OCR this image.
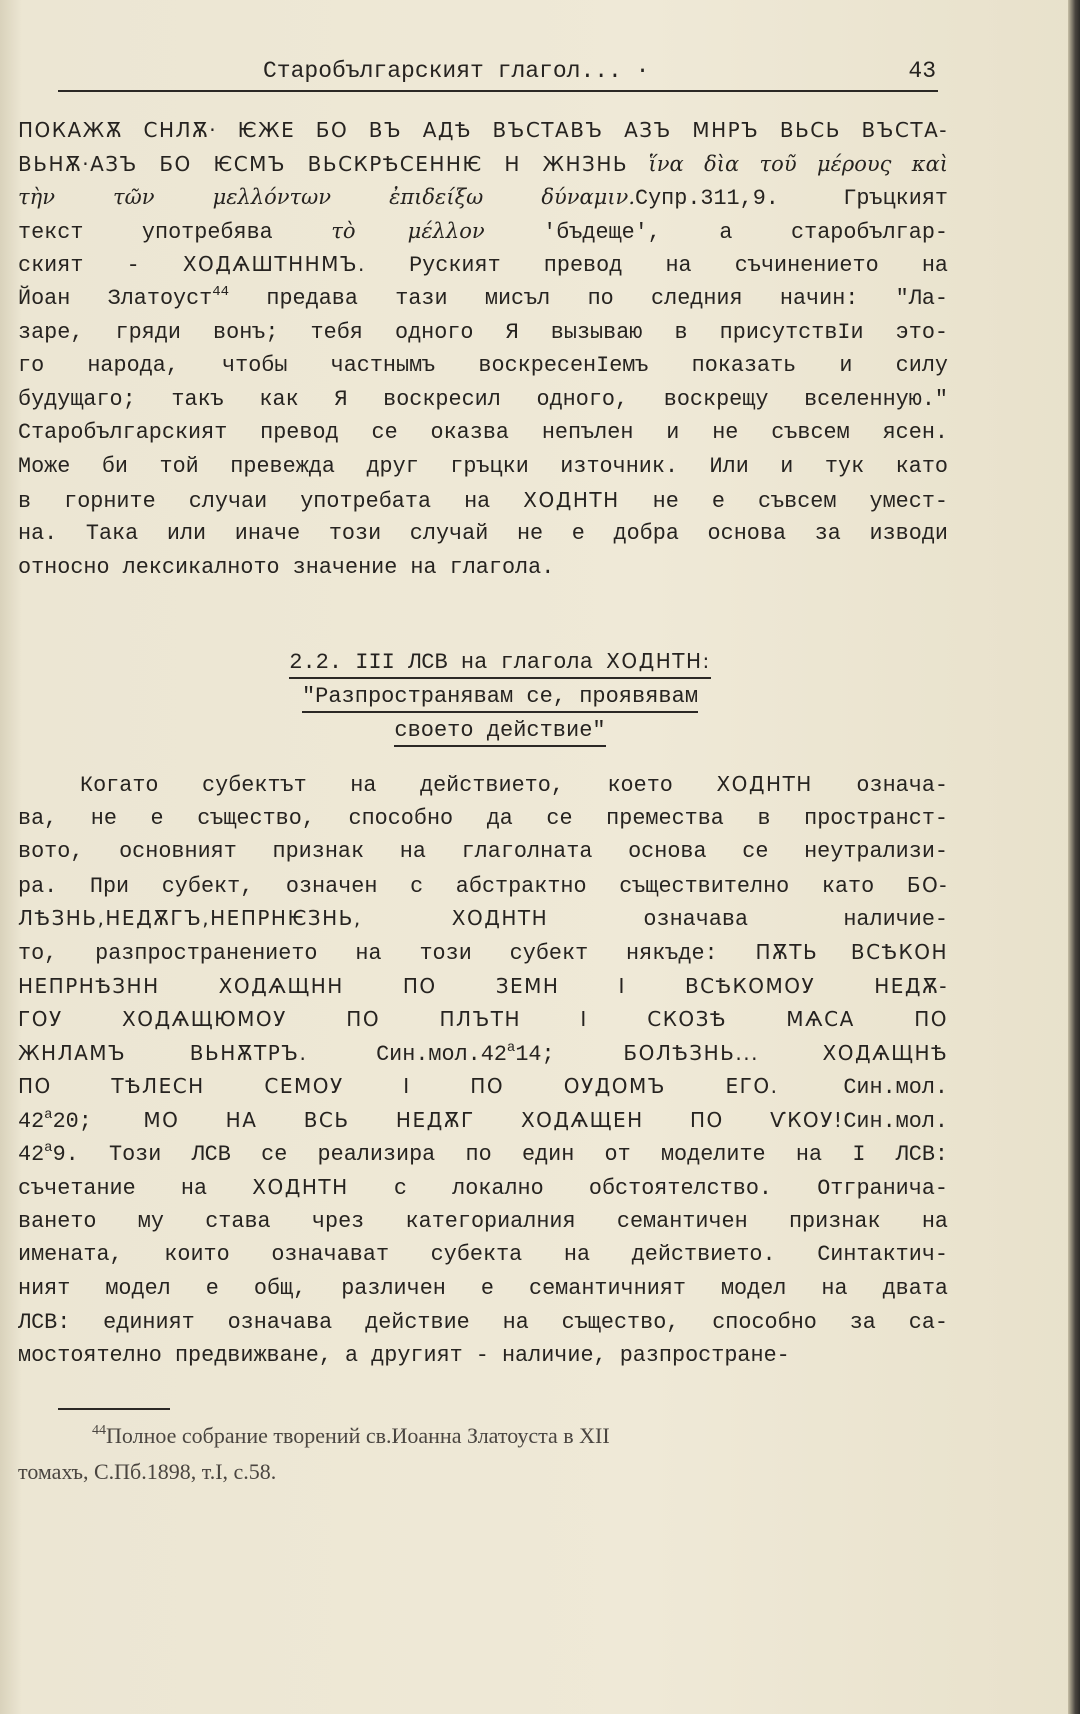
Старобългарският глагол... ·	43
ПОКАЖѪ СНЛѪ· ѤЖЕ БО ВЪ АДѢ ВЪСТАВЪ АЗЪ МНРЪ ВЬСЬ ВЪСТА-
ВЬНѪ·АЗЪ БО ѤСМЪ ВЬСКРѢСЕННѤ Н ЖНЗНЬ ἵνα δὶα τοῦ μέρους καὶ
τὴν τῶν μελλόντων ἐπιδείξω δύναμιν.Супр.311,9. Гръцкият
текст употребява τὸ μέλλον 'бъдеще', а старобългар-
ският - ХОДѦШТННМЪ. Руският превод на съчинението на
Йоан Златоуст$^{44}$ предава тази мисъл по следния начин: "Ла-
заре, гряди вонъ; тебя одного Я вызываю в присутствIи это-
го народа, чтобы частнымъ воскресенIемъ показать и силу
будущаго; такъ как Я воскресил одного, воскрещу вселенную."
Старобългарският превод се оказва непълен и не съвсем ясен.
Може би той превежда друг гръцки източник. Или и тук като
в горните случаи употребата на ХОДНТН не е съвсем умест-
на. Така или иначе този случай не е добра основа за изводи
относно лексикалното значение на глагола.
2.2. III ЛСВ на глагола ХОДНТН:
"Разпространявам се, проявявам
своето действие"
Когато субектът на действието, което ХОДНТН означа-
ва, не е същество, способно да се премества в пространст-
вото, основният признак на глаголната основа се неутрализи-
ра. При субект, означен с абстрактно съществително като БО-
ЛѢЗНЬ,НЕДѪГЪ,НЕПРНѤЗНЬ, ХОДНТН означава наличие-
то, разпространението на този субект някъде: ПѪТЬ ВСѢКОН
НЕПРНѢЗНН ХОДѦЩНН ПО ЗЕМН І ВСѢКОМОУ НЕДѪ-
ГОУ ХОДѦЩЮМОУ ПО ПЛЪТН І СКОЗѢ МѦСА ПО
ЖНЛАМЪ ВЬНѪТРЪ. $Син.мол.42^а14$; БОЛѢЗНЬ... ХОДѦЩНѢ
ПО ТѢЛЕСН СЕМОУ І ПО ОУДОМЪ ЕГО. Син.мол.
$42^а20$; МО НА ВСЬ НЕДѪГ ХОДѦЩЕН ПО ѴКОУ!Син.мол.
$42^а9$. Този ЛСВ се реализира по един от моделите на I ЛСВ:
съчетание на ХОДНТН с локално обстоятелство. Отгранича-
ването му става чрез категориалния семантичен признак на
имената, които означават субекта на действието. Синтактич-
ният модел е общ, различен е семантичният модел на двата
ЛСВ: единият означава действие на същество, способно за са-
мостоятелно предвижване, а другият - наличие, разпростране-
$^{44}$Полное собрание творений св.Иоанна Златоуста в XII
томахъ, С.Пб.1898, т.I, с.58.
